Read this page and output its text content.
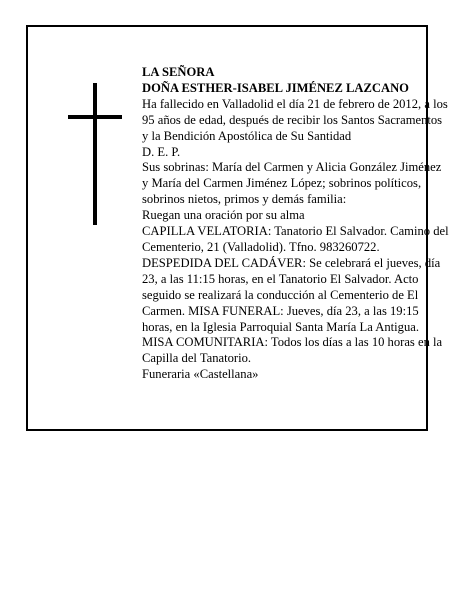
LA SEÑORA

DOÑA ESTHER-ISABEL JIMÉNEZ LAZCANO

Ha fallecido en Valladolid el día 21 de febrero de 2012, a los 95 años de edad, después de recibir los Santos Sacramentos y la Bendición Apostólica de Su Santidad

D. E. P.

Sus sobrinas: María del Carmen y Alicia González Jiménez y María del Carmen Jiménez López; sobrinos políticos, sobrinos nietos, primos y demás familia:

Ruegan una oración por su alma

CAPILLA VELATORIA: Tanatorio El Salvador. Camino del Cementerio, 21 (Valladolid). Tfno. 983260722.

DESPEDIDA DEL CADÁVER: Se celebrará el jueves, día 23, a las 11:15 horas, en el Tanatorio El Salvador. Acto seguido se realizará la conducción al Cementerio de El Carmen. MISA FUNERAL: Jueves, día 23, a las 19:15 horas, en la Iglesia Parroquial Santa María La Antigua.

MISA COMUNITARIA: Todos los días a las 10 horas en la Capilla del Tanatorio.

Funeraria «Castellana»
